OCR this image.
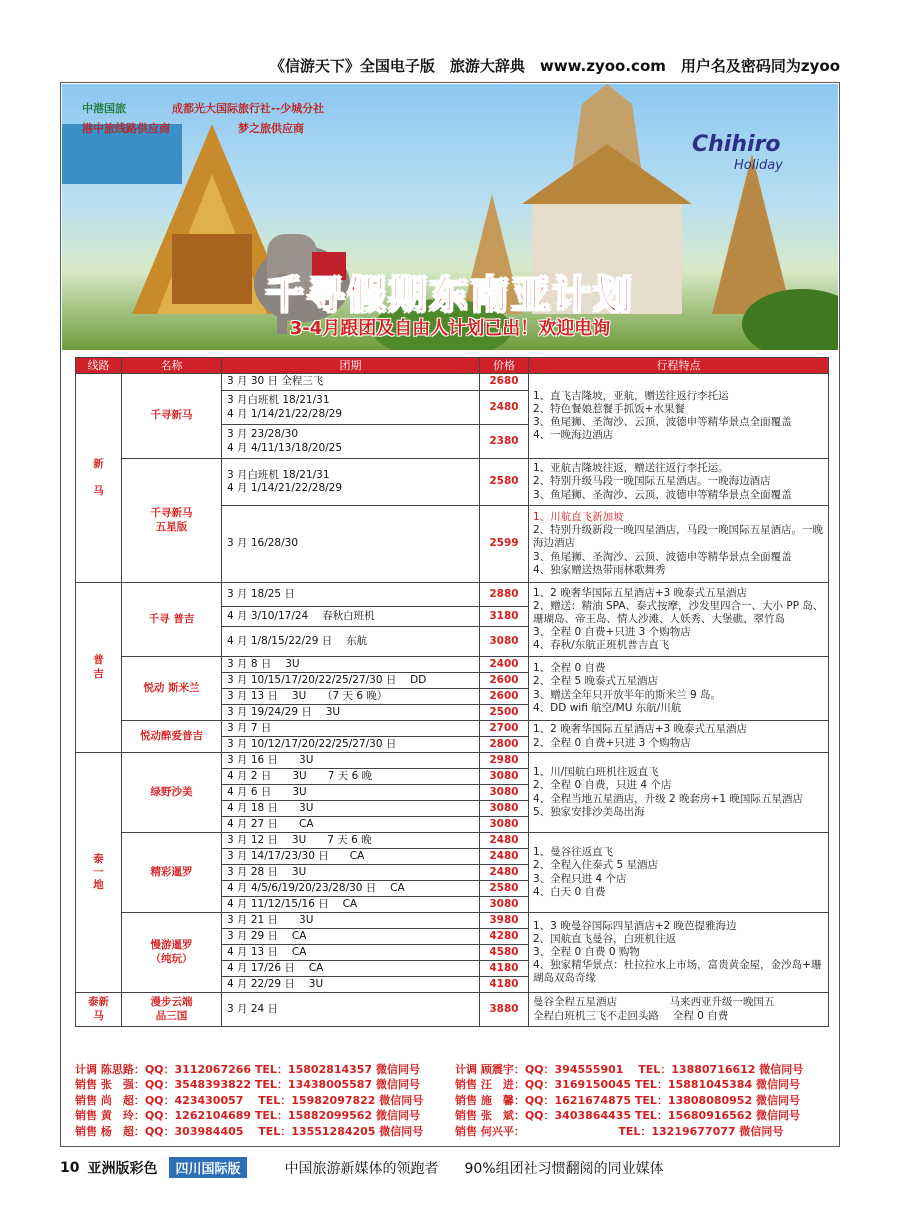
《信游天下》全国电子版　旅游大辞典　www.zyoo.com　用户名及密码同为zyoo
中港国旅	成都光大国际旅行社--少城分社
港中旅线路供应商	梦之旅供应商
Chihiro
Holiday
千寻假期东南亚计划
3-4月跟团及自由人计划已出！欢迎电询
线路	名称	团期	价格	行程特点
新

马	千寻新马	3 月 30 日 全程三飞	2680	1、直飞吉隆坡，亚航，赠送往返行李托运
2、特色餐娘惹餐手抓饭+水果餐
3、鱼尾狮、圣淘沙、云顶、波德申等精华景点全面覆盖
4、一晚海边酒店

		3 月白班机 18/21/31
4 月 1/14/21/22/28/29	2480	
		3 月 23/28/30
4 月 4/11/13/18/20/25	2380	
	千寻新马
五星版	3 月白班机 18/21/31
4 月 1/14/21/22/28/29	2580	1、亚航吉隆坡往返，赠送往返行李托运。
2、特别升级马段一晚国际五星酒店。一晚海边酒店
3、鱼尾狮、圣淘沙、云顶、波德申等精华景点全面覆盖

		3 月 16/28/30	2599	1、川航直飞新加坡
2、特别升级新段一晚四星酒店，马段一晚国际五星酒店。一晚海边酒店
3、鱼尾狮、圣淘沙、云顶、波德申等精华景点全面覆盖
4、独家赠送热带雨林歌舞秀

普
吉	千寻 普吉	3 月 18/25 日	2880	1、2 晚奢华国际五星酒店+3 晚泰式五星酒店
2、赠送：精油 SPA、泰式按摩，沙发里四合一、大小 PP 岛、珊瑚岛、帝王岛、情人沙滩、人妖秀、大堡礁、翠竹岛
3、全程 0 自费+只进 3 个购物店
4、春秋/东航正班机普吉直飞

		4 月 3/10/17/24　 春秋白班机	3180	
		4 月 1/8/15/22/29 日　 东航	3080	
	悦动 斯米兰	3 月 8 日　 3U	2400	1、全程 0 自费
2、全程 5 晚泰式五星酒店
3、赠送全年只开放半年的斯米兰 9 岛。
4、DD wifi 航空/MU 东航/川航

		3 月 10/15/17/20/22/25/27/30 日　 DD	2600	
		3 月 13 日　 3U　　（7 天 6 晚）	2600	
		3 月 19/24/29 日　 3U	2500	
	悦动醉爱普吉	3 月 7 日	2700	1、2 晚奢华国际五星酒店+3 晚泰式五星酒店
2、全程 0 自费+只进 3 个购物店

		3 月 10/12/17/20/22/25/27/30 日	2800	
泰
一
地	绿野沙美	3 月 16 日　　3U	2980	1、川/国航白班机往返直飞
2、全程 0 自费，只进 4 个店
4、全程当地五星酒店，升级 2 晚套房+1 晚国际五星酒店
5、独家安排沙美岛出海

		4 月 2 日　　3U　　7 天 6 晚	3080	
		4 月 6 日　　3U	3080	
		4 月 18 日　　3U	3080	
		4 月 27 日　　CA	3080	
	精彩暹罗	3 月 12 日　 3U　　7 天 6 晚	2480	1、曼谷往返直飞
2、全程入住泰式 5 星酒店
3、全程只进 4 个店
4、白天 0 自费

		3 月 14/17/23/30 日　　CA	2480	
		3 月 28 日　 3U	2480	
		4 月 4/5/6/19/20/23/28/30 日　 CA	2580	
		4 月 11/12/15/16 日　 CA	3080	
	慢游暹罗
（纯玩）	3 月 21 日　　3U	3980	1、3 晚曼谷国际四星酒店+2 晚芭提雅海边
2、国航直飞曼谷，白班机往返
3、全程 0 自费 0 购物
4、独家精华景点：杜拉拉水上市场，富贵黄金屋，金沙岛+珊瑚岛双岛奇缘

		3 月 29 日　 CA	4280	
		4 月 13 日　 CA	4580	
		4 月 17/26 日　 CA	4180	
		4 月 22/29 日　 3U	4180	
泰新
马	漫步云端
品三国	3 月 24 日	3880	曼谷全程五星酒店　　　　　马来西亚升级一晚国五
全程白班机三飞不走回头路　 全程 0 自费
计调 陈思路：QQ：3112067266 TEL：15802814357 微信同号	计调 顾震宇：QQ：394555901　 TEL：13880716612 微信同号
销售 张　强：QQ：3548393822 TEL：13438005587 微信同号	销售 汪　进：QQ：3169150045 TEL：15881045384 微信同号
销售 尚　超：QQ：423430057　 TEL：15982097822 微信同号	销售 施　馨：QQ：1621674875 TEL：13808080952 微信同号
销售 黄　玲：QQ：1262104689 TEL：15882099562 微信同号	销售 张　斌：QQ：3403864435 TEL：15680916562 微信同号
销售 杨　超：QQ：303984405　 TEL：13551284205 微信同号	销售 何兴平：　　　　　　　　　TEL：13219677077 微信同号
10 亚洲版彩色	四川国际版	中国旅游新媒体的领跑者 90%组团社习惯翻阅的同业媒体
